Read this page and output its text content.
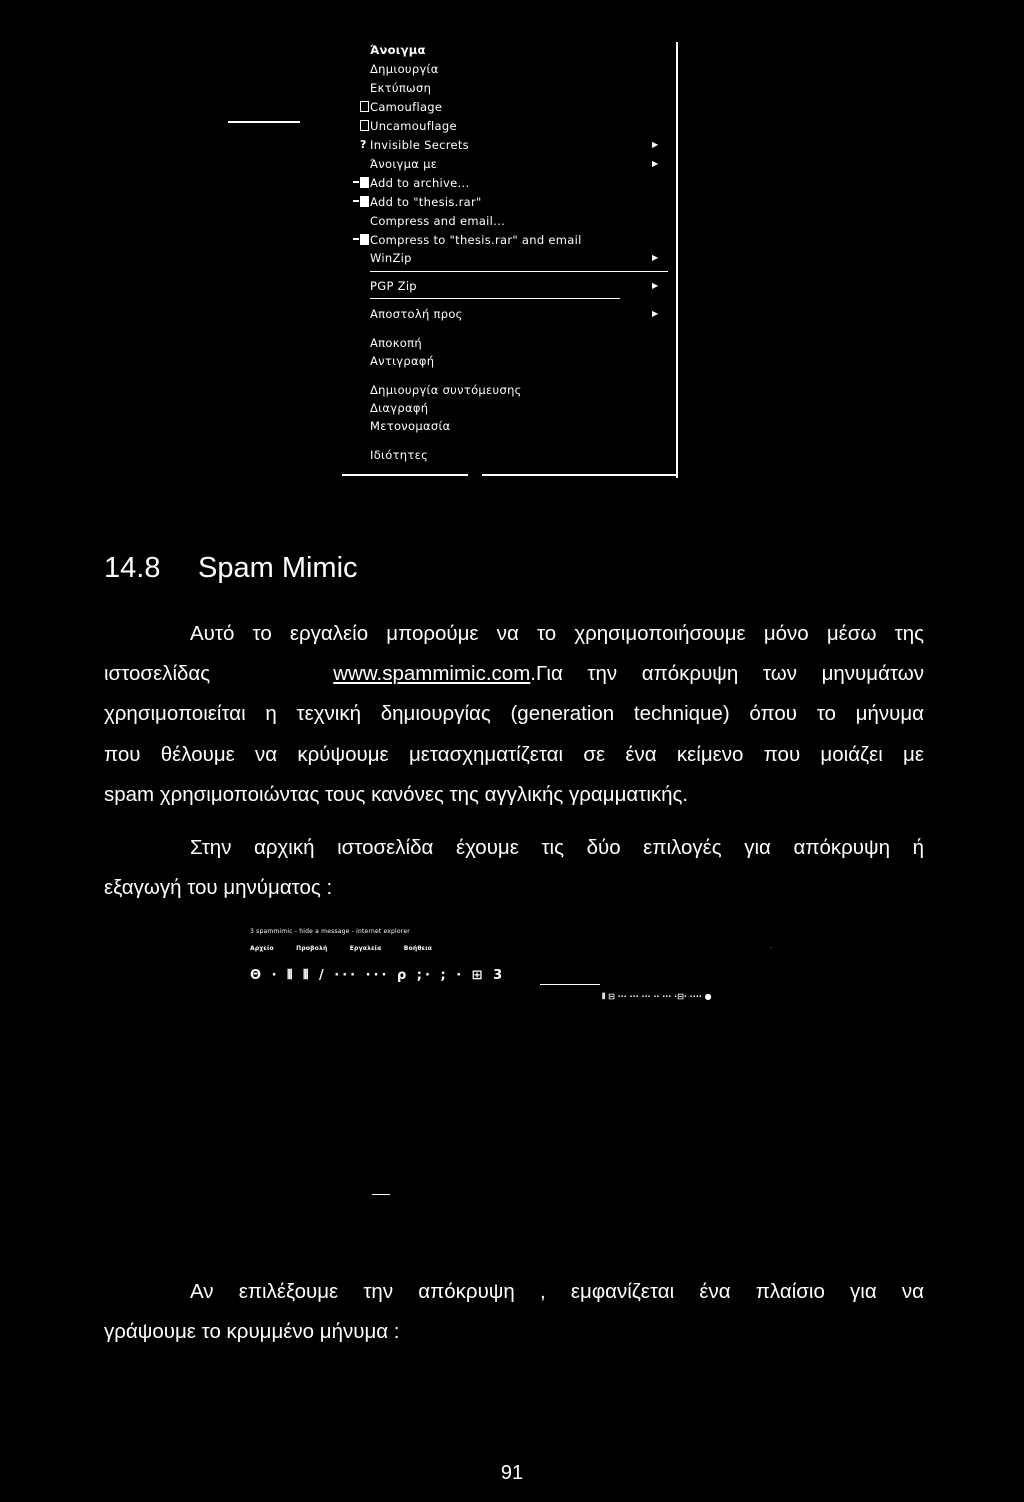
Άνοιγμα
Δημιουργία
Εκτύπωση
Camouflage
Uncamouflage
? Invisible Secrets	▶
Άνοιγμα με	▶
Add to archive...
Add to "thesis.rar"
Compress and email...
Compress to "thesis.rar" and email
WinZip	▶
PGP Zip	▶
Αποστολή προς	▶
Αποκοπή
Αντιγραφή
Δημιουργία συντόμευσης
Διαγραφή
Μετονομασία
Ιδιότητες
14.8 Spam Mimic
Αυτό το εργαλείο μπορούμε να το χρησιμοποιήσουμε μόνο μέσω της
ιστοσελίδας	www.spammimic.com.Για την απόκρυψη των μηνυμάτων
χρησιμοποιείται η τεχνική δημιουργίας (generation technique) όπου το μήνυμα
που θέλουμε να κρύψουμε μετασχηματίζεται σε ένα κείμενο που μοιάζει με
spam χρησιμοποιώντας τους κανόνες της αγγλικής γραμματικής.
Στην αρχική ιστοσελίδα έχουμε τις δύο επιλογές για απόκρυψη ή
εξαγωγή του μηνύματος :
3 spammimic - hide a message - internet explorer
Αρχείο Προβολή Εργαλεία Βοήθεια	·
Θ · ⫴ ⫴ / ··· ··· ρ ;· ; · ⊞ 3
⫴ ⊟ ··· ··· ··· ·· ··· ·⊟· ···· ●
Αν επιλέξουμε την απόκρυψη , εμφανίζεται ένα πλαίσιο για να
γράψουμε το κρυμμένο μήνυμα :
91
